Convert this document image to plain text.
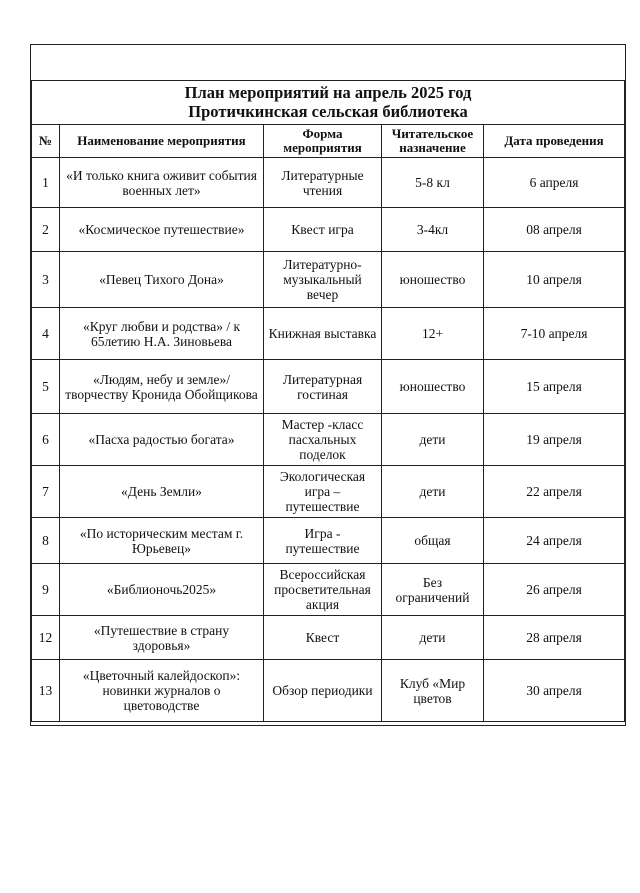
План мероприятий на апрель 2025 год
Протичкинская сельская библиотека				

№	Наименование мероприятия	Форма мероприятия	Читательское назначение	Дата проведения
1	«И только книга оживит события военных лет»	Литературные чтения	5-8 кл	6 апреля
2	«Космическое путешествие»	Квест игра	3-4кл	08 апреля
3	«Певец Тихого Дона»	Литературно-музыкальный вечер	юношество	10 апреля
4	«Круг любви и родства» / к 65летию Н.А. Зиновьева	Книжная выставка	12+	7-10 апреля
5	«Людям, небу и земле»/ творчеству Кронида Обойщикова	Литературная гостиная	юношество	15 апреля
6	«Пасха радостью богата»	Мастер -класс пасхальных поделок	дети	19 апреля
7	«День Земли»	Экологическая игра – путешествие	дети	22 апреля
8	«По историческим местам г. Юрьевец»	Игра - путешествие	общая	24 апреля
9	«Библионочь2025»	Всероссийская просветительная акция	Без ограничений	26 апреля
12	«Путешествие в страну здоровья»	Квест	дети	28 апреля
13	«Цветочный калейдоскоп»: новинки журналов о цветоводстве	Обзор периодики	Клуб «Мир цветов	30 апреля
